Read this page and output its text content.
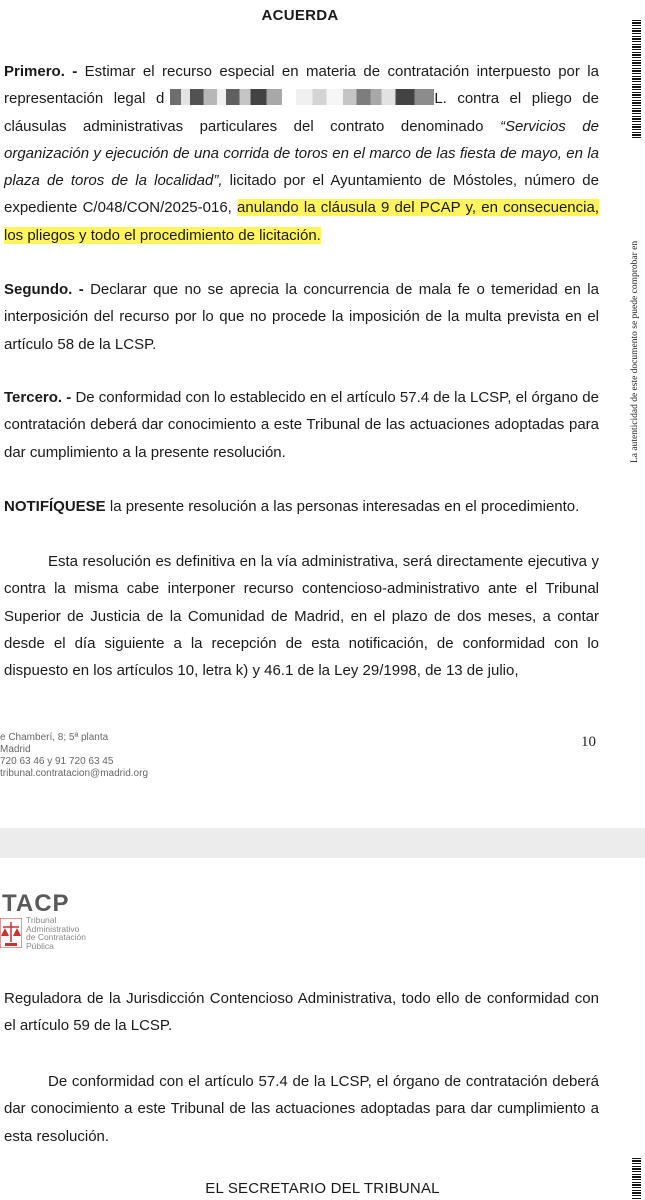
ACUERDA
Primero. - Estimar el recurso especial en materia de contratación interpuesto por la representación legal d	L. contra el pliego de cláusulas administrativas particulares del contrato denominado “Servicios de organización y ejecución de una corrida de toros en el marco de las fiesta de mayo, en la plaza de toros de la localidad”, licitado por el Ayuntamiento de Móstoles, número de expediente C/048/CON/2025-016, anulando la cláusula 9 del PCAP y, en consecuencia, los pliegos y todo el procedimiento de licitación.
Segundo. - Declarar que no se aprecia la concurrencia de mala fe o temeridad en la interposición del recurso por lo que no procede la imposición de la multa prevista en el artículo 58 de la LCSP.
Tercero. - De conformidad con lo establecido en el artículo 57.4 de la LCSP, el órgano de contratación deberá dar conocimiento a este Tribunal de las actuaciones adoptadas para dar cumplimiento a la presente resolución.
NOTIFÍQUESE la presente resolución a las personas interesadas en el procedimiento.
Esta resolución es definitiva en la vía administrativa, será directamente ejecutiva y contra la misma cabe interponer recurso contencioso-administrativo ante el Tribunal Superior de Justicia de la Comunidad de Madrid, en el plazo de dos meses, a contar desde el día siguiente a la recepción de esta notificación, de conformidad con lo dispuesto en los artículos 10, letra k) y 46.1 de la Ley 29/1998, de 13 de julio,
e Chamberí, 8; 5ª planta
Madrid
720 63 46 y 91 720 63 45
tribunal.contratacion@madrid.org
10
La autenticidad de este documento se puede comprobar en
TACP
Tribunal
Administrativo
de Contratación
Pública
Reguladora de la Jurisdicción Contencioso Administrativa, todo ello de conformidad con el artículo 59 de la LCSP.
De conformidad con el artículo 57.4 de la LCSP, el órgano de contratación deberá dar conocimiento a este Tribunal de las actuaciones adoptadas para dar cumplimiento a esta resolución.
EL SECRETARIO DEL TRIBUNAL
